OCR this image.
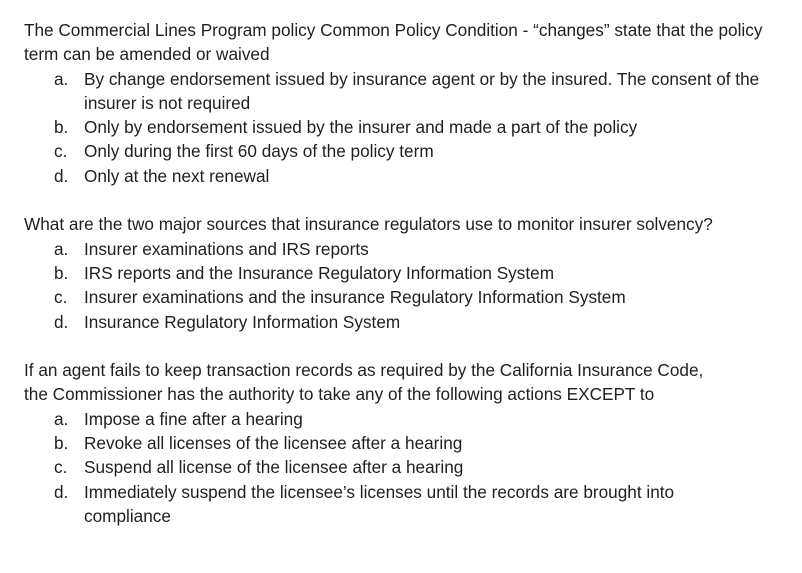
The Commercial Lines Program policy Common Policy Condition - “changes” state that the policy term can be amended or waived

a. By change endorsement issued by insurance agent or by the insured. The consent of the insurer is not required
b. Only by endorsement issued by the insurer and made a part of the policy
c. Only during the first 60 days of the policy term
d. Only at the next renewal

What are the two major sources that insurance regulators use to monitor insurer solvency?

a. Insurer examinations and IRS reports
b. IRS reports and the Insurance Regulatory Information System
c. Insurer examinations and the insurance Regulatory Information System
d. Insurance Regulatory Information System

If an agent fails to keep transaction records as required by the California Insurance Code, the Commissioner has the authority to take any of the following actions EXCEPT to

a. Impose a fine after a hearing
b. Revoke all licenses of the licensee after a hearing
c. Suspend all license of the licensee after a hearing
d. Immediately suspend the licensee’s licenses until the records are brought into compliance
